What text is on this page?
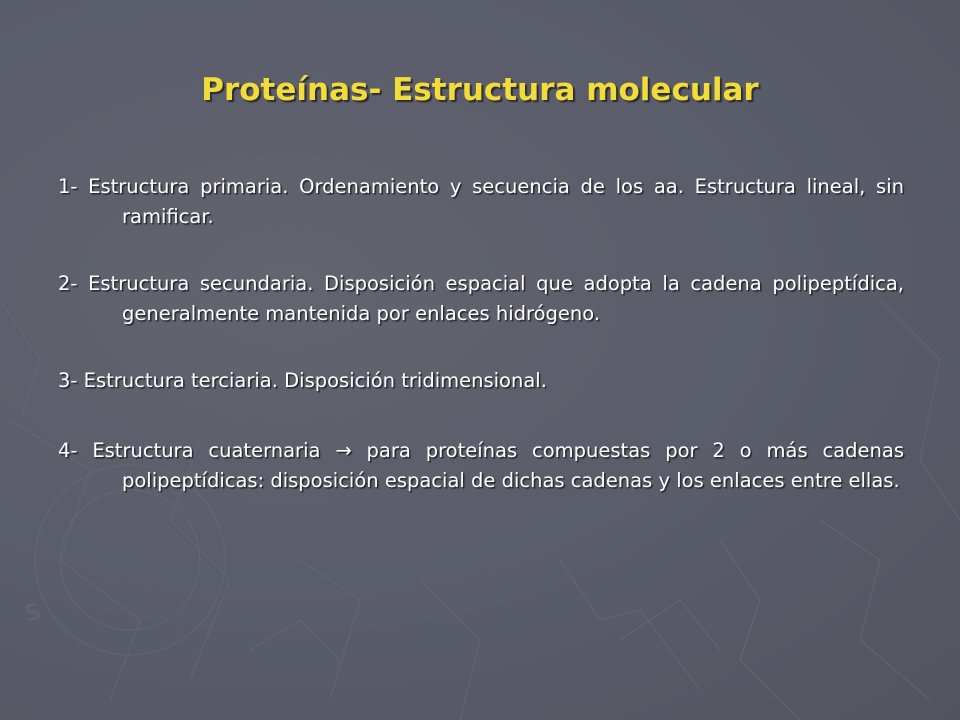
S
Proteínas- Estructura molecular

1- Estructura primaria. Ordenamiento y secuencia de los aa. Estructura lineal, sin ramificar.

2- Estructura secundaria. Disposición espacial que adopta la cadena polipeptídica, generalmente mantenida por enlaces hidrógeno.

3- Estructura terciaria. Disposición tridimensional.

4- Estructura cuaternaria → para proteínas compuestas por 2 o más cadenas polipeptídicas: disposición espacial de dichas cadenas y los enlaces entre ellas.
